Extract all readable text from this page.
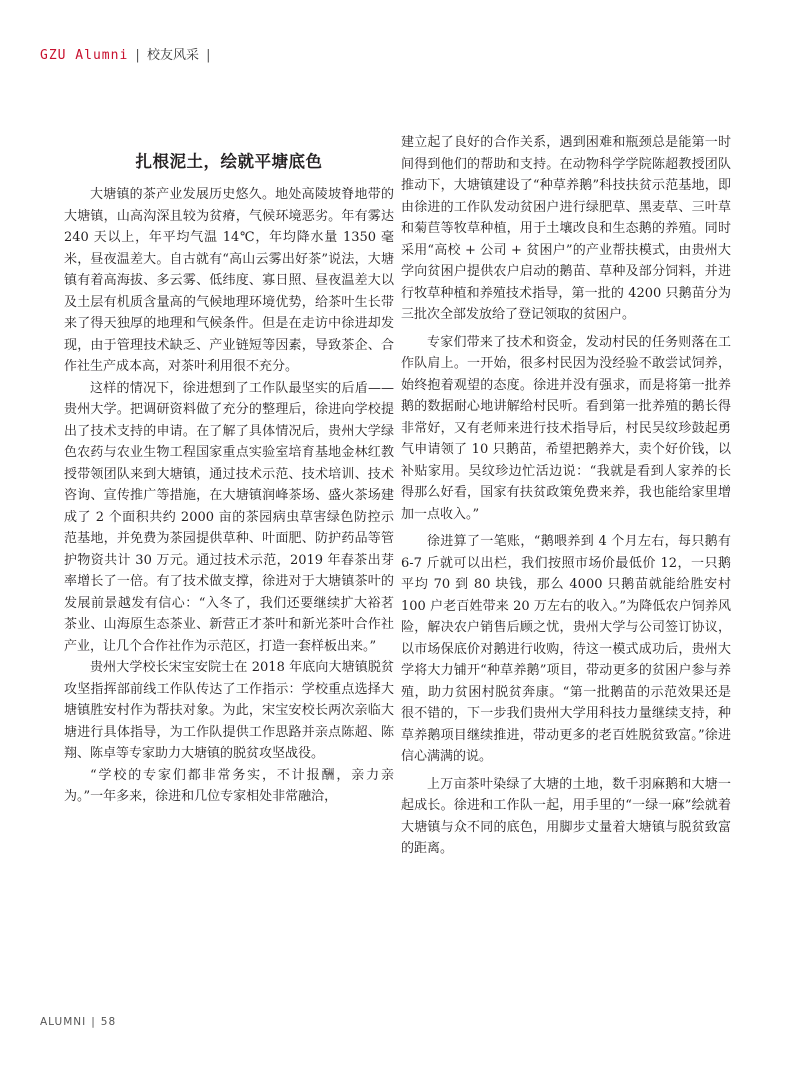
GZU Alumni | 校友风采 |
扎根泥土，绘就平塘底色

大塘镇的茶产业发展历史悠久。地处高陵坡脊地带的大塘镇，山高沟深且较为贫瘠，气候环境恶劣。年有雾达 240 天以上，年平均气温 14℃，年均降水量 1350 毫米，昼夜温差大。自古就有“高山云雾出好茶”说法，大塘镇有着高海拔、多云雾、低纬度、寡日照、昼夜温差大以及土层有机质含量高的气候地理环境优势，给茶叶生长带来了得天独厚的地理和气候条件。但是在走访中徐进却发现，由于管理技术缺乏、产业链短等因素，导致茶企、合作社生产成本高，对茶叶利用很不充分。

这样的情况下，徐进想到了工作队最坚实的后盾——贵州大学。把调研资料做了充分的整理后，徐进向学校提出了技术支持的申请。在了解了具体情况后，贵州大学绿色农药与农业生物工程国家重点实验室培育基地金林红教授带领团队来到大塘镇，通过技术示范、技术培训、技术咨询、宣传推广等措施，在大塘镇润峰茶场、盛火茶场建成了 2 个面积共约 2000 亩的茶园病虫草害绿色防控示范基地，并免费为茶园提供草种、叶面肥、防护药品等管护物资共计 30 万元。通过技术示范，2019 年春茶出芽率增长了一倍。有了技术做支撑，徐进对于大塘镇茶叶的发展前景越发有信心：“入冬了，我们还要继续扩大裕茗茶业、山海原生态茶业、新营正才茶叶和新光茶叶合作社产业，让几个合作社作为示范区，打造一套样板出来。”

贵州大学校长宋宝安院士在 2018 年底向大塘镇脱贫攻坚指挥部前线工作队传达了工作指示：学校重点选择大塘镇胜安村作为帮扶对象。为此，宋宝安校长两次亲临大塘进行具体指导，为工作队提供工作思路并亲点陈超、陈翔、陈卓等专家助力大塘镇的脱贫攻坚战役。

“学校的专家们都非常务实，不计报酬，亲力亲为。”一年多来，徐进和几位专家相处非常融洽，

建立起了良好的合作关系，遇到困难和瓶颈总是能第一时间得到他们的帮助和支持。在动物科学学院陈超教授团队推动下，大塘镇建设了“种草养鹅”科技扶贫示范基地，即由徐进的工作队发动贫困户进行绿肥草、黑麦草、三叶草和菊苣等牧草种植，用于土壤改良和生态鹅的养殖。同时采用“高校 + 公司 + 贫困户”的产业帮扶模式，由贵州大学向贫困户提供农户启动的鹅苗、草种及部分饲料，并进行牧草种植和养殖技术指导，第一批的 4200 只鹅苗分为三批次全部发放给了登记领取的贫困户。

专家们带来了技术和资金，发动村民的任务则落在工作队肩上。一开始，很多村民因为没经验不敢尝试饲养，始终抱着观望的态度。徐进并没有强求，而是将第一批养鹅的数据耐心地讲解给村民听。看到第一批养殖的鹅长得非常好，又有老师来进行技术指导后，村民吴纹珍鼓起勇气申请领了 10 只鹅苗，希望把鹅养大，卖个好价钱，以补贴家用。吴纹珍边忙活边说：“我就是看到人家养的长得那么好看，国家有扶贫政策免费来养，我也能给家里增加一点收入。”

徐进算了一笔账，“鹅喂养到 4 个月左右，每只鹅有 6-7 斤就可以出栏，我们按照市场价最低价 12，一只鹅平均 70 到 80 块钱，那么 4000 只鹅苗就能给胜安村 100 户老百姓带来 20 万左右的收入。”为降低农户饲养风险，解决农户销售后顾之忧，贵州大学与公司签订协议，以市场保底价对鹅进行收购，待这一模式成功后，贵州大学将大力铺开“种草养鹅”项目，带动更多的贫困户参与养殖，助力贫困村脱贫奔康。“第一批鹅苗的示范效果还是很不错的，下一步我们贵州大学用科技力量继续支持，种草养鹅项目继续推进，带动更多的老百姓脱贫致富。”徐进信心满满的说。

上万亩茶叶染绿了大塘的土地，数千羽麻鹅和大塘一起成长。徐进和工作队一起，用手里的“一绿一麻”绘就着大塘镇与众不同的底色，用脚步丈量着大塘镇与脱贫致富的距离。

ALUMNI | 58
